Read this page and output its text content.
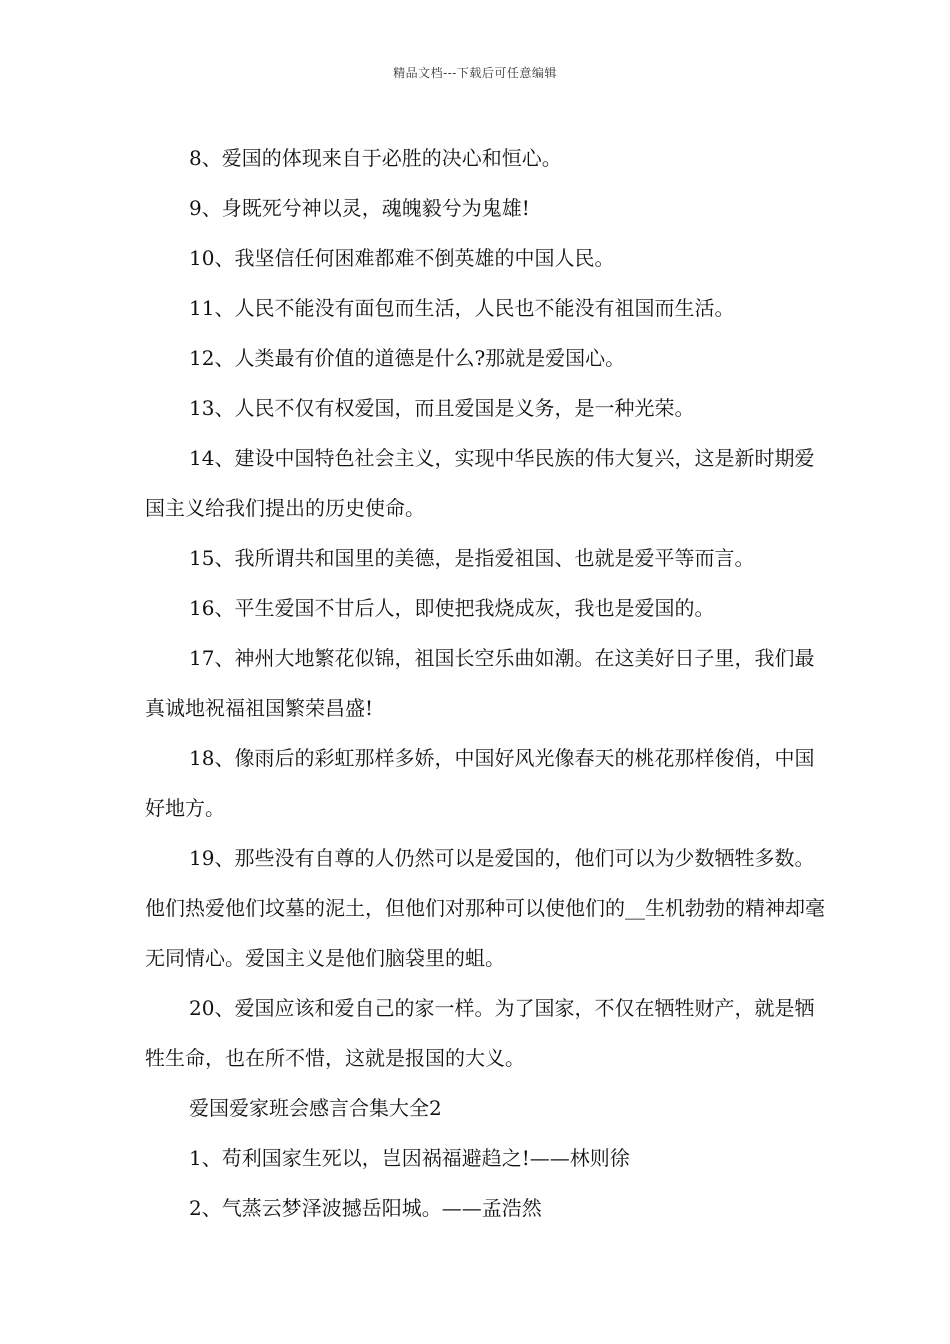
精品文档---下载后可任意编辑

8、爱国的体现来自于必胜的决心和恒心。

9、身既死兮神以灵，魂魄毅兮为鬼雄!

10、我坚信任何困难都难不倒英雄的中国人民。

11、人民不能没有面包而生活，人民也不能没有祖国而生活。

12、人类最有价值的道德是什么?那就是爱国心。

13、人民不仅有权爱国，而且爱国是义务，是一种光荣。

14、建设中国特色社会主义，实现中华民族的伟大复兴，这是新时期爱国主义给我们提出的历史使命。

15、我所谓共和国里的美德，是指爱祖国、也就是爱平等而言。

16、平生爱国不甘后人，即使把我烧成灰，我也是爱国的。

17、神州大地繁花似锦，祖国长空乐曲如潮。在这美好日子里，我们最真诚地祝福祖国繁荣昌盛!

18、像雨后的彩虹那样多娇，中国好风光像春天的桃花那样俊俏，中国好地方。

19、那些没有自尊的人仍然可以是爱国的，他们可以为少数牺牲多数。他们热爱他们坟墓的泥土，但他们对那种可以使他们的__生机勃勃的精神却毫无同情心。爱国主义是他们脑袋里的蛆。

20、爱国应该和爱自己的家一样。为了国家，不仅在牺牲财产，就是牺牲生命，也在所不惜，这就是报国的大义。

爱国爱家班会感言合集大全2

1、苟利国家生死以，岂因祸福避趋之!——林则徐

2、气蒸云梦泽波撼岳阳城。——孟浩然
